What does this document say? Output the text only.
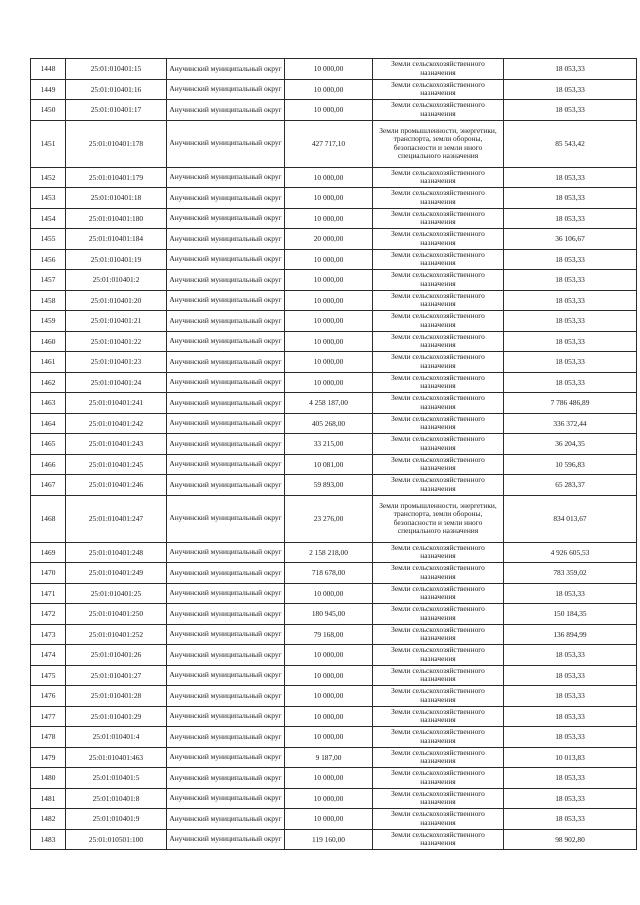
1448	25:01:010401:15	Анучинский муниципальный округ	10 000,00	Земли сельскохозяйственного назначения	18 053,33
1449	25:01:010401:16	Анучинский муниципальный округ	10 000,00	Земли сельскохозяйственного назначения	18 053,33
1450	25:01:010401:17	Анучинский муниципальный округ	10 000,00	Земли сельскохозяйственного назначения	18 053,33
1451	25:01:010401:178	Анучинский муниципальный округ	427 717,10	Земли промышленности, энергетики, транспорта, земли обороны, безопасности и земли иного специального назначения	85 543,42
1452	25:01:010401:179	Анучинский муниципальный округ	10 000,00	Земли сельскохозяйственного назначения	18 053,33
1453	25:01:010401:18	Анучинский муниципальный округ	10 000,00	Земли сельскохозяйственного назначения	18 053,33
1454	25:01:010401:180	Анучинский муниципальный округ	10 000,00	Земли сельскохозяйственного назначения	18 053,33
1455	25:01:010401:184	Анучинский муниципальный округ	20 000,00	Земли сельскохозяйственного назначения	36 106,67
1456	25:01:010401:19	Анучинский муниципальный округ	10 000,00	Земли сельскохозяйственного назначения	18 053,33
1457	25:01:010401:2	Анучинский муниципальный округ	10 000,00	Земли сельскохозяйственного назначения	18 053,33
1458	25:01:010401:20	Анучинский муниципальный округ	10 000,00	Земли сельскохозяйственного назначения	18 053,33
1459	25:01:010401:21	Анучинский муниципальный округ	10 000,00	Земли сельскохозяйственного назначения	18 053,33
1460	25:01:010401:22	Анучинский муниципальный округ	10 000,00	Земли сельскохозяйственного назначения	18 053,33
1461	25:01:010401:23	Анучинский муниципальный округ	10 000,00	Земли сельскохозяйственного назначения	18 053,33
1462	25:01:010401:24	Анучинский муниципальный округ	10 000,00	Земли сельскохозяйственного назначения	18 053,33
1463	25:01:010401:241	Анучинский муниципальный округ	4 258 187,00	Земли сельскохозяйственного назначения	7 786 486,89
1464	25:01:010401:242	Анучинский муниципальный округ	405 268,00	Земли сельскохозяйственного назначения	336 372,44
1465	25:01:010401:243	Анучинский муниципальный округ	33 215,00	Земли сельскохозяйственного назначения	36 204,35
1466	25:01:010401:245	Анучинский муниципальный округ	10 081,00	Земли сельскохозяйственного назначения	10 596,83
1467	25:01:010401:246	Анучинский муниципальный округ	59 893,00	Земли сельскохозяйственного назначения	65 283,37
1468	25:01:010401:247	Анучинский муниципальный округ	23 276,00	Земли промышленности, энергетики, транспорта, земли обороны, безопасности и земли иного специального назначения	834 013,67
1469	25:01:010401:248	Анучинский муниципальный округ	2 158 218,00	Земли сельскохозяйственного назначения	4 926 605,53
1470	25:01:010401:249	Анучинский муниципальный округ	718 678,00	Земли сельскохозяйственного назначения	783 359,02
1471	25:01:010401:25	Анучинский муниципальный округ	10 000,00	Земли сельскохозяйственного назначения	18 053,33
1472	25:01:010401:250	Анучинский муниципальный округ	180 945,00	Земли сельскохозяйственного назначения	150 184,35
1473	25:01:010401:252	Анучинский муниципальный округ	79 168,00	Земли сельскохозяйственного назначения	136 894,99
1474	25:01:010401:26	Анучинский муниципальный округ	10 000,00	Земли сельскохозяйственного назначения	18 053,33
1475	25:01:010401:27	Анучинский муниципальный округ	10 000,00	Земли сельскохозяйственного назначения	18 053,33
1476	25:01:010401:28	Анучинский муниципальный округ	10 000,00	Земли сельскохозяйственного назначения	18 053,33
1477	25:01:010401:29	Анучинский муниципальный округ	10 000,00	Земли сельскохозяйственного назначения	18 053,33
1478	25:01:010401:4	Анучинский муниципальный округ	10 000,00	Земли сельскохозяйственного назначения	18 053,33
1479	25:01:010401:463	Анучинский муниципальный округ	9 187,00	Земли сельскохозяйственного назначения	10 013,83
1480	25:01:010401:5	Анучинский муниципальный округ	10 000,00	Земли сельскохозяйственного назначения	18 053,33
1481	25:01:010401:8	Анучинский муниципальный округ	10 000,00	Земли сельскохозяйственного назначения	18 053,33
1482	25:01:010401:9	Анучинский муниципальный округ	10 000,00	Земли сельскохозяйственного назначения	18 053,33
1483	25:01:010501:100	Анучинский муниципальный округ	119 160,00	Земли сельскохозяйственного назначения	98 902,80
